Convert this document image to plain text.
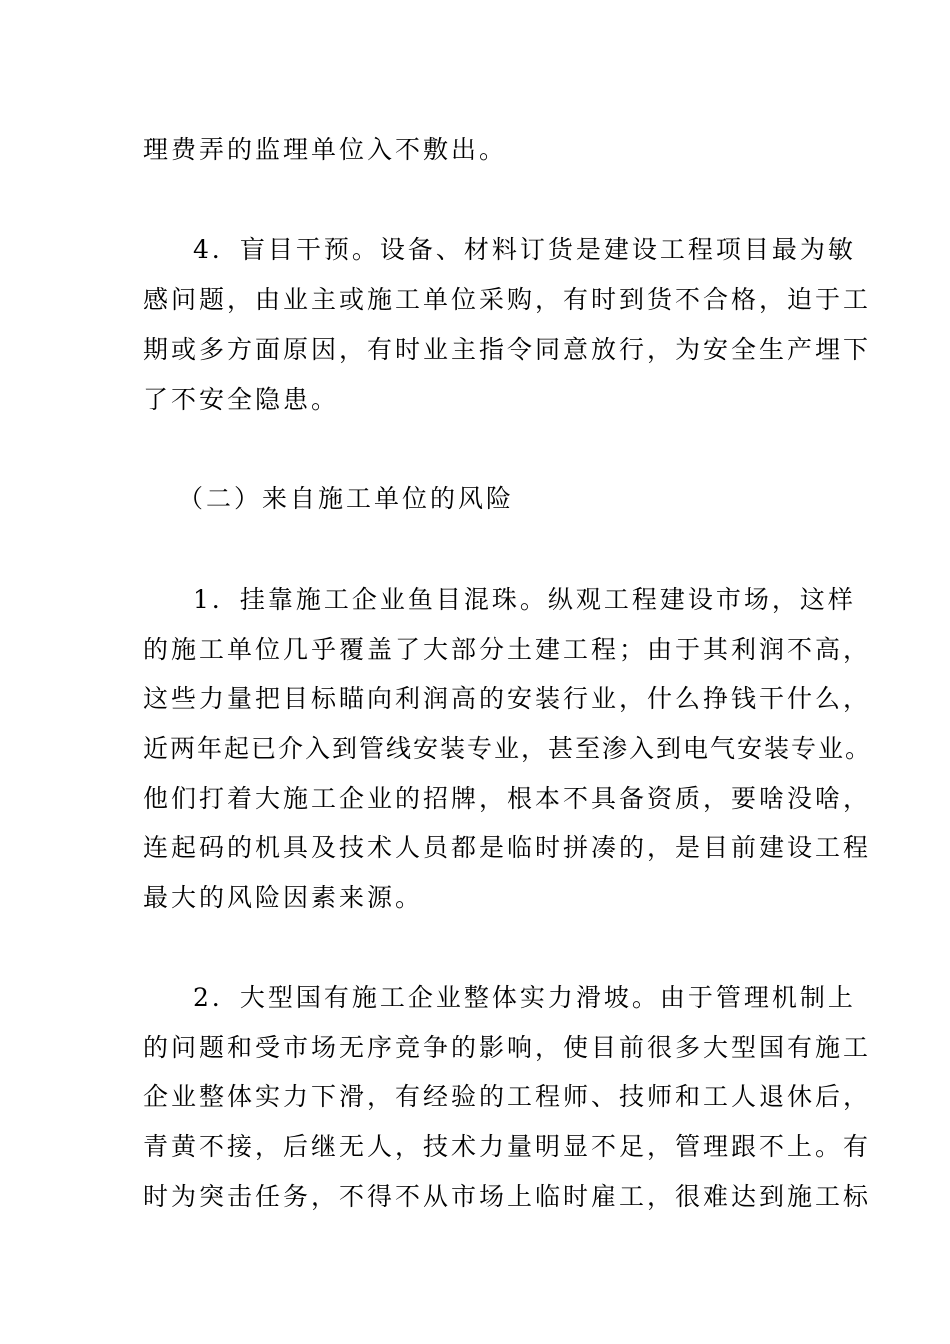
理费弄的监理单位入不敷出。
4．盲目干预。设备、材料订货是建设工程项目最为敏
感问题，由业主或施工单位采购，有时到货不合格，迫于工
期或多方面原因，有时业主指令同意放行，为安全生产埋下
了不安全隐患。
（二）来自施工单位的风险
1．挂靠施工企业鱼目混珠。纵观工程建设市场，这样
的施工单位几乎覆盖了大部分土建工程；由于其利润不高，
这些力量把目标瞄向利润高的安装行业，什么挣钱干什么，
近两年起已介入到管线安装专业，甚至渗入到电气安装专业。
他们打着大施工企业的招牌，根本不具备资质，要啥没啥，
连起码的机具及技术人员都是临时拼凑的，是目前建设工程
最大的风险因素来源。
2．大型国有施工企业整体实力滑坡。由于管理机制上
的问题和受市场无序竞争的影响，使目前很多大型国有施工
企业整体实力下滑，有经验的工程师、技师和工人退休后，
青黄不接，后继无人，技术力量明显不足，管理跟不上。有
时为突击任务，不得不从市场上临时雇工，很难达到施工标
